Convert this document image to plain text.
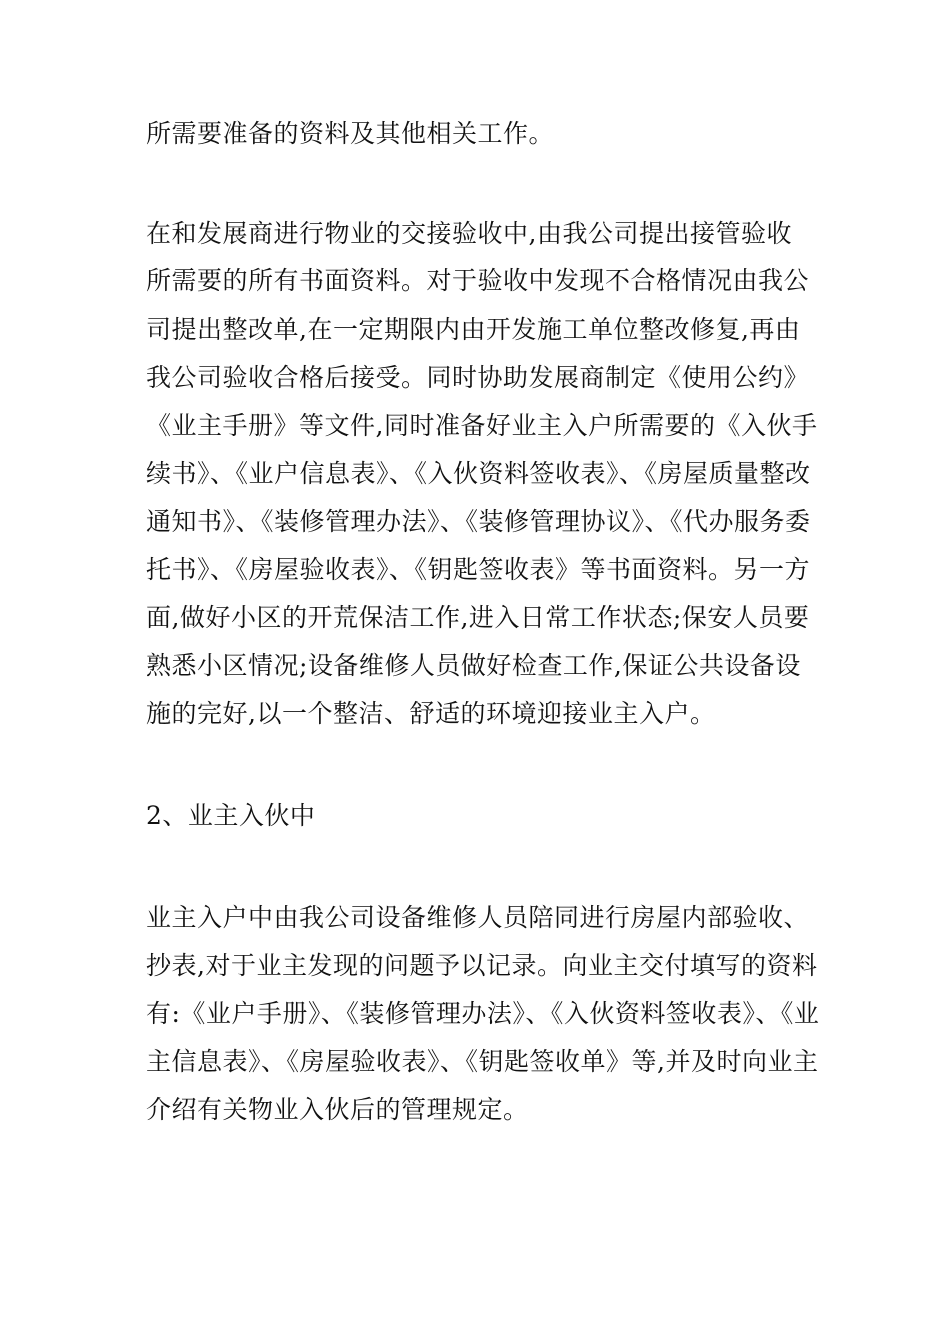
所需要准备的资料及其他相关工作。
在和发展商进行物业的交接验收中,由我公司提出接管验收
所需要的所有书面资料。对于验收中发现不合格情况由我公
司提出整改单,在一定期限内由开发施工单位整改修复,再由
我公司验收合格后接受。同时协助发展商制定《使用公约》
《业主手册》等文件,同时准备好业主入户所需要的《入伙手
续书》、《业户信息表》、《入伙资料签收表》、《房屋质量整改
通知书》、《装修管理办法》、《装修管理协议》、《代办服务委
托书》、《房屋验收表》、《钥匙签收表》等书面资料。另一方
面,做好小区的开荒保洁工作,进入日常工作状态;保安人员要
熟悉小区情况;设备维修人员做好检查工作,保证公共设备设
施的完好,以一个整洁、舒适的环境迎接业主入户。
2、业主入伙中
业主入户中由我公司设备维修人员陪同进行房屋内部验收、
抄表,对于业主发现的问题予以记录。向业主交付填写的资料
有:《业户手册》、《装修管理办法》、《入伙资料签收表》、《业
主信息表》、《房屋验收表》、《钥匙签收单》等,并及时向业主
介绍有关物业入伙后的管理规定。
